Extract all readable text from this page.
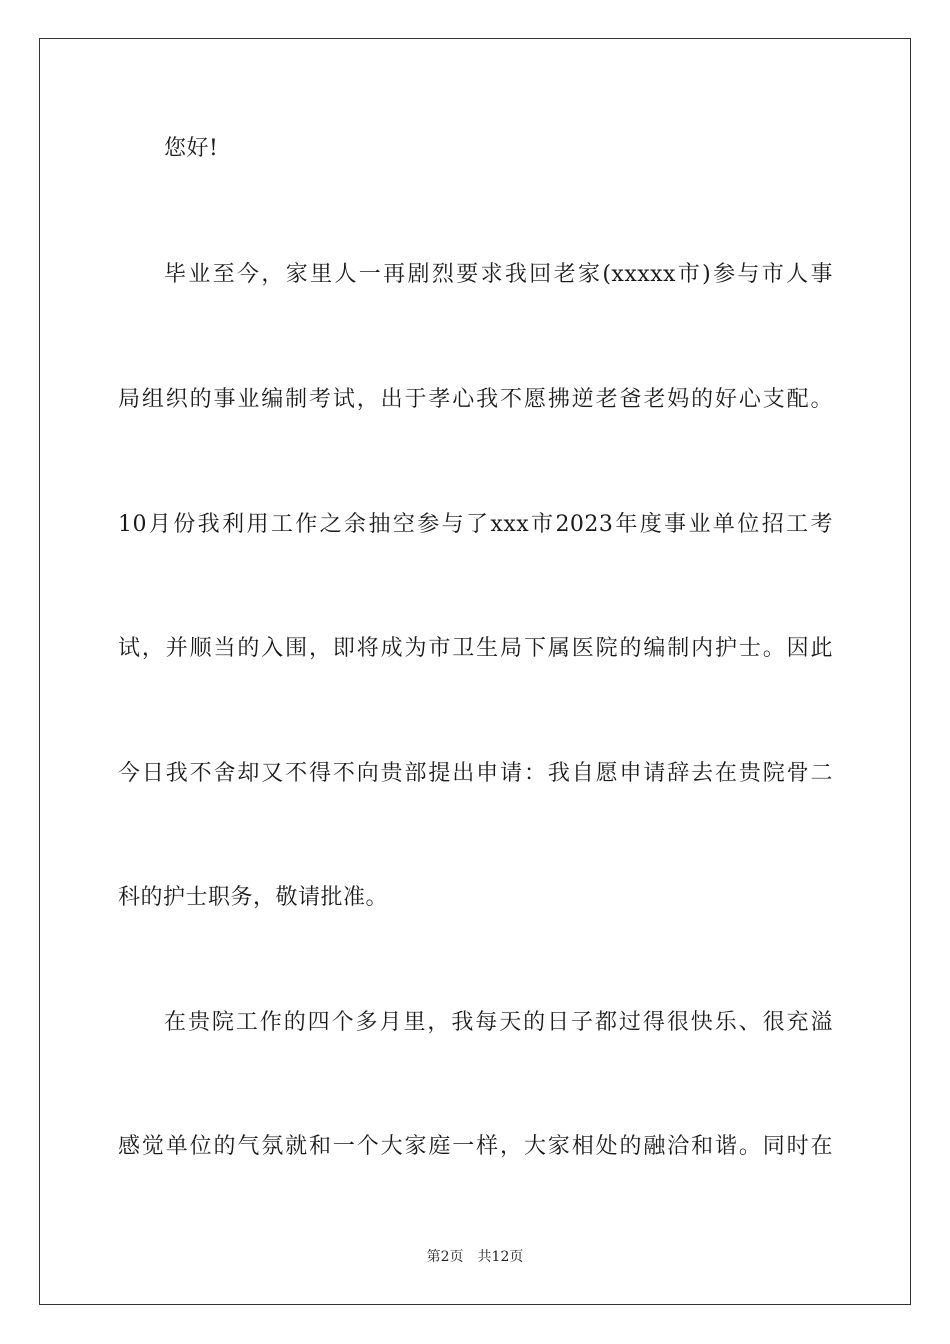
您好!
毕业至今，家里人一再剧烈要求我回老家(xxxxx市)参与市人事
局组织的事业编制考试，出于孝心我不愿拂逆老爸老妈的好心支配。
10月份我利用工作之余抽空参与了xxx市2023年度事业单位招工考
试，并顺当的入围，即将成为市卫生局下属医院的编制内护士。因此
今日我不舍却又不得不向贵部提出申请：我自愿申请辞去在贵院骨二
科的护士职务，敬请批准。
在贵院工作的四个多月里，我每天的日子都过得很快乐、很充溢
感觉单位的气氛就和一个大家庭一样，大家相处的融洽和谐。同时在
第2页 共12页
